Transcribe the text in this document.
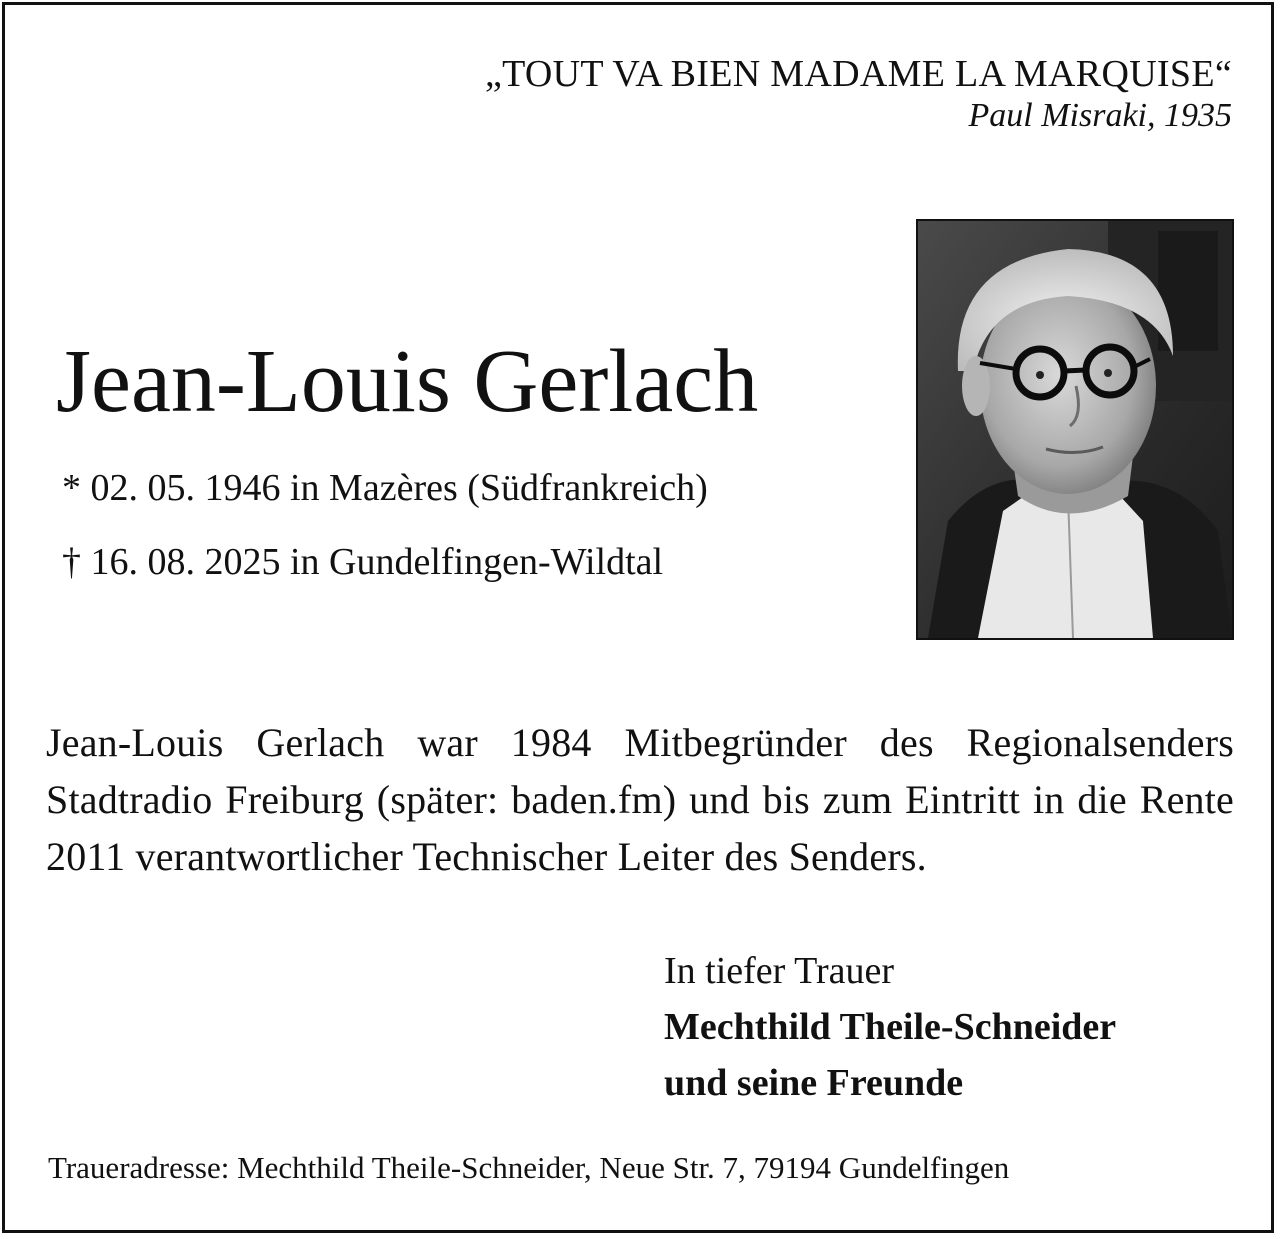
„TOUT VA BIEN MADAME LA MARQUISE“
Paul Misraki, 1935
Jean-Louis Gerlach
* 02. 05. 1946 in Mazères (Südfrankreich)
† 16. 08. 2025 in Gundelfingen-Wildtal
Jean-Louis Gerlach war 1984 Mitbegründer des Regionalsenders Stadtradio Freiburg (später: baden.fm) und bis zum Eintritt in die Rente 2011 verantwortlicher Technischer Leiter des Senders.
In tiefer Trauer
Mechthild Theile-Schneider
und seine Freunde
Traueradresse: Mechthild Theile-Schneider, Neue Str. 7, 79194 Gundelfingen
